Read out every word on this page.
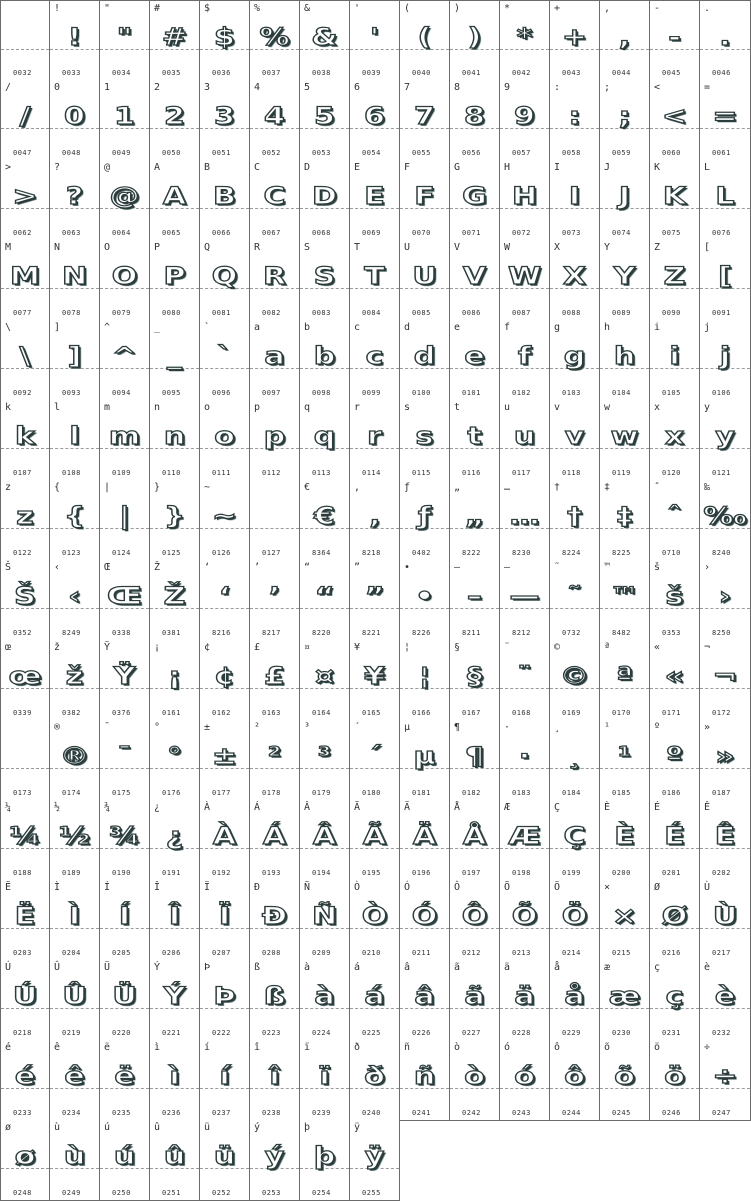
0032
!
!
0033
"
"
0034
#
#
0035
$
$
0036
%
%
0037
&
&
0038
'
'
0039
(
(
0040
)
)
0041
*
*
0042
+
+
0043
,
,
0044
-
-
0045
.
.
0046
/
/
0047
0
0
0048
1
1
0049
2
2
0050
3
3
0051
4
4
0052
5
5
0053
6
6
0054
7
7
0055
8
8
0056
9
9
0057
:
:
0058
;
;
0059
<
<
0060
=
=
0061
>
>
0062
?
?
0063
@
@
0064
A
A
0065
B
B
0066
C
C
0067
D
D
0068
E
E
0069
F
F
0070
G
G
0071
H
H
0072
I
I
0073
J
J
0074
K
K
0075
L
L
0076
M
M
0077
N
N
0078
O
O
0079
P
P
0080
Q
Q
0081
R
R
0082
S
S
0083
T
T
0084
U
U
0085
V
V
0086
W
W
0087
X
X
0088
Y
Y
0089
Z
Z
0090
[
[
0091
\
\
0092
]
]
0093
^
^
0094
_
_
0095
`
`
0096
a
a
0097
b
b
0098
c
c
0099
d
d
0100
e
e
0101
f
f
0102
g
g
0103
h
h
0104
i
i
0105
j
j
0106
k
k
0107
l
l
0108
m
m
0109
n
n
0110
o
o
0111
p
p
0112
q
q
0113
r
r
0114
s
s
0115
t
t
0116
u
u
0117
v
v
0118
w
w
0119
x
x
0120
y
y
0121
z
z
0122
{
{
0123
|
|
0124
}
}
0125
~
~
0126	0127
€
€
8364
‚
‚
8218
ƒ
ƒ
0402
„
„
8222
…
…
8230
†
†
8224
‡
‡
8225
ˆ
ˆ
0710
‰
‰
8240
Š
Š
0352
‹
‹
8249
Œ
Œ
0338
Ž
Ž
0381
‘
‘
8216
’
’
8217
“
“
8220
”
”
8221
•
•
8226
–
–
8211
—
—
8212
˜
˜
0732
™
™
8482
š
š
0353
›
›
8250
œ
œ
0339
ž
ž
0382
Ÿ
Ÿ
0376
¡
¡
0161
¢
¢
0162
£
£
0163
¤
¤
0164
¥
¥
0165
¦
¦
0166
§
§
0167
¨
¨
0168
©
©
0169
ª
ª
0170
«
«
0171
¬
¬
0172
0173
®
®
0174
¯
¯
0175
°
°
0176
±
±
0177
²
²
0178
³
³
0179
´
´
0180
µ
µ
0181
¶
¶
0182
·
·
0183
¸
¸
0184
¹
¹
0185
º
º
0186
»
»
0187
¼
¼
0188
½
½
0189
¾
¾
0190
¿
¿
0191
À
À
0192
Á
Á
0193
Â
Â
0194
Ã
Ã
0195
Ä
Ä
0196
Å
Å
0197
Æ
Æ
0198
Ç
Ç
0199
È
È
0200
É
É
0201
Ê
Ê
0202
Ë
Ë
0203
Ì
Ì
0204
Í
Í
0205
Î
Î
0206
Ï
Ï
0207
Ð
Ð
0208
Ñ
Ñ
0209
Ò
Ò
0210
Ó
Ó
0211
Ô
Ô
0212
Õ
Õ
0213
Ö
Ö
0214
×
×
0215
Ø
Ø
0216
Ù
Ù
0217
Ú
Ú
0218
Û
Û
0219
Ü
Ü
0220
Ý
Ý
0221
Þ
Þ
0222
ß
ß
0223
à
à
0224
á
á
0225
â
â
0226
ã
ã
0227
ä
ä
0228
å
å
0229
æ
æ
0230
ç
ç
0231
è
è
0232
é
é
0233
ê
ê
0234
ë
ë
0235
ì
ì
0236
í
í
0237
î
î
0238
ï
ï
0239
ð
ð
0240
ñ
ñ
0241
ò
ò
0242
ó
ó
0243
ô
ô
0244
õ
õ
0245
ö
ö
0246
÷
÷
0247
ø
ø
0248
ù
ù
0249
ú
ú
0250
û
û
0251
ü
ü
0252
ý
ý
0253
þ
þ
0254
ÿ
ÿ
0255
